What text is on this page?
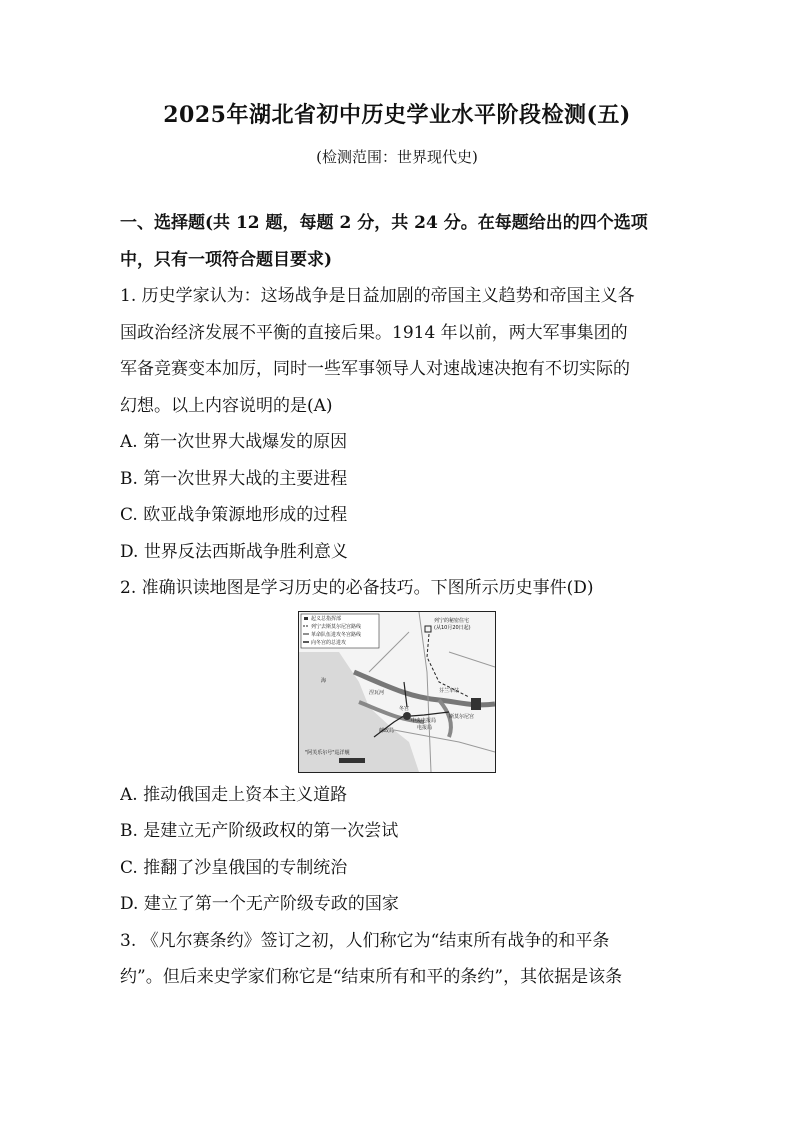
2025年湖北省初中历史学业水平阶段检测(五)
(检测范围：世界现代史)
一、选择题(共 12 题，每题 2 分，共 24 分。在每题给出的四个选项
中，只有一项符合题目要求)
1. 历史学家认为：这场战争是日益加剧的帝国主义趋势和帝国主义各
国政治经济发展不平衡的直接后果。1914 年以前，两大军事集团的
军备竞赛变本加厉，同时一些军事领导人对速战速决抱有不切实际的
幻想。以上内容说明的是(A)
A. 第一次世界大战爆发的原因
B. 第一次世界大战的主要进程
C. 欧亚战争策源地形成的过程
D. 世界反法西斯战争胜利意义
2. 准确识读地图是学习历史的必备技巧。下图所示历史事件(D)
起义总指挥部
列宁去斯莫尔尼宫路线
革命队伍进攻冬宫路线
向冬宫的总进攻
列宁的秘密住宅
(从10月20日起)
斯莫尔尼宫
芬兰车站
海
涅瓦河
冬宫
中央电报局
电报局
邮政局
"阿芙乐尔号"巡洋舰
A. 推动俄国走上资本主义道路
B. 是建立无产阶级政权的第一次尝试
C. 推翻了沙皇俄国的专制统治
D. 建立了第一个无产阶级专政的国家
3. 《凡尔赛条约》签订之初，人们称它为“结束所有战争的和平条
约”。但后来史学家们称它是“结束所有和平的条约”，其依据是该条
